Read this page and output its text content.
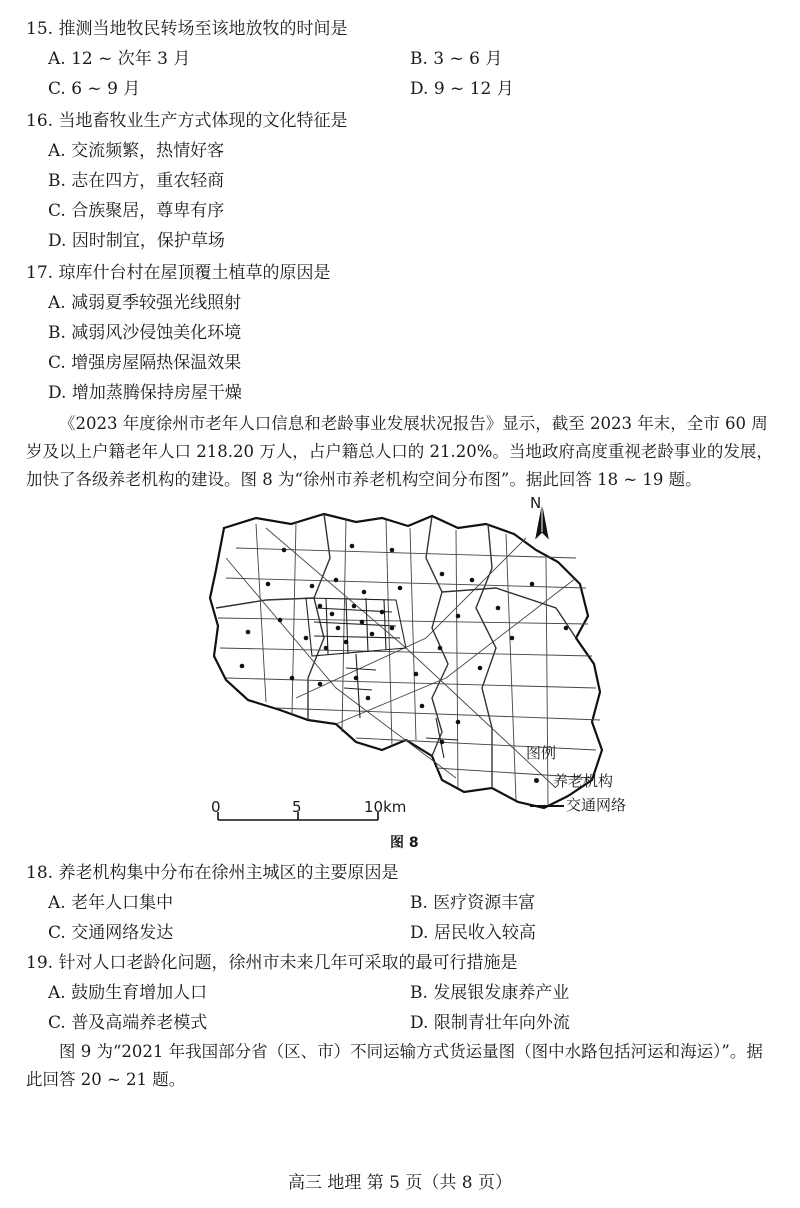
15. 推测当地牧民转场至该地放牧的时间是
A. 12 ~ 次年 3 月	B. 3 ~ 6 月
C. 6 ~ 9 月	D. 9 ~ 12 月
16. 当地畜牧业生产方式体现的文化特征是
A. 交流频繁，热情好客
B. 志在四方，重农轻商
C. 合族聚居，尊卑有序
D. 因时制宜，保护草场
17. 琼库什台村在屋顶覆土植草的原因是
A. 减弱夏季较强光线照射
B. 减弱风沙侵蚀美化环境
C. 增强房屋隔热保温效果
D. 增加蒸腾保持房屋干燥
《2023 年度徐州市老年人口信息和老龄事业发展状况报告》显示，截至 2023 年末，全市 60 周岁及以上户籍老年人口 218.20 万人，占户籍总人口的 21.20%。当地政府高度重视老龄事业的发展，加快了各级养老机构的建设。图 8 为“徐州市养老机构空间分布图”。据此回答 18 ~ 19 题。
N
0	5	10km
图例
养老机构
交通网络
图 8
18. 养老机构集中分布在徐州主城区的主要原因是
A. 老年人口集中	B. 医疗资源丰富
C. 交通网络发达	D. 居民收入较高
19. 针对人口老龄化问题，徐州市未来几年可采取的最可行措施是
A. 鼓励生育增加人口	B. 发展银发康养产业
C. 普及高端养老模式	D. 限制青壮年向外流
图 9 为“2021 年我国部分省（区、市）不同运输方式货运量图（图中水路包括河运和海运）”。据此回答 20 ~ 21 题。
高三 地理 第 5 页（共 8 页）
